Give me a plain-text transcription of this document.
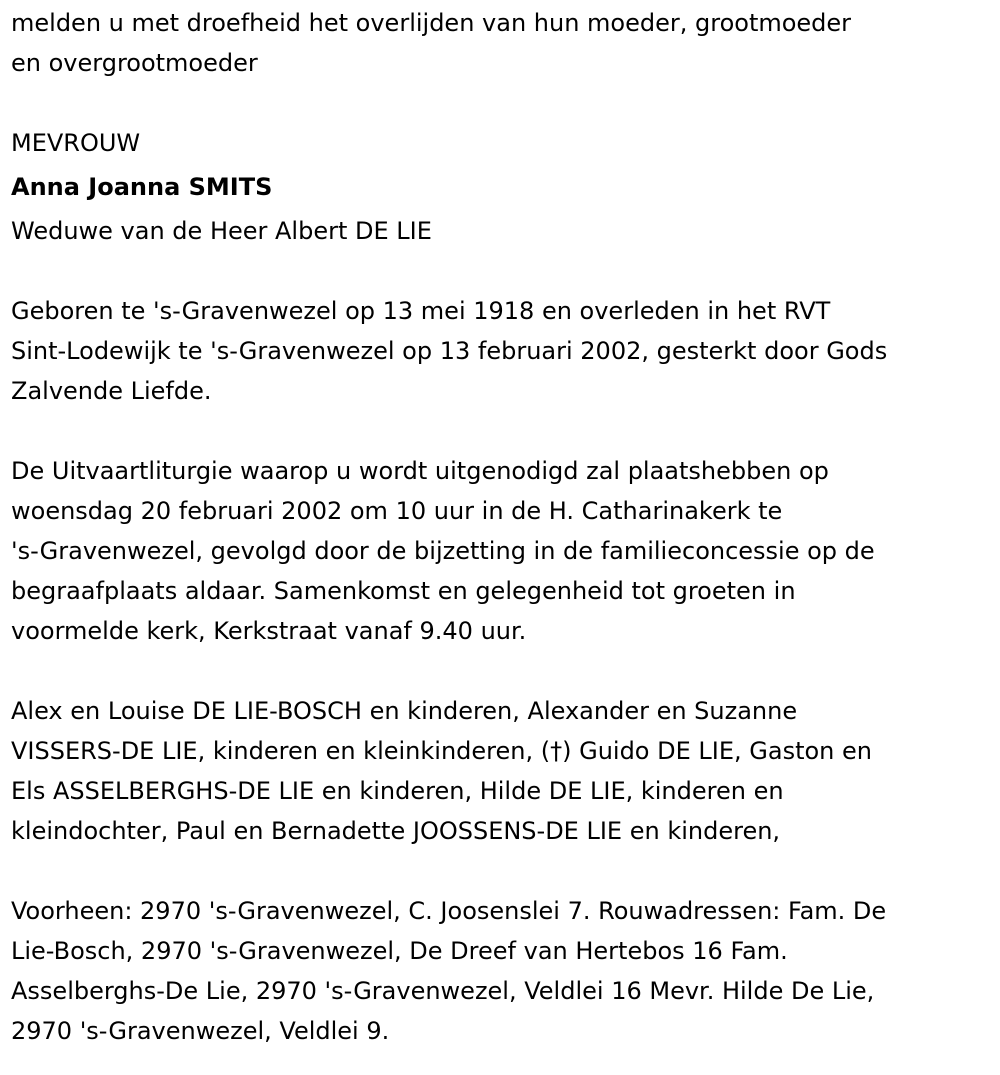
melden u met droefheid het overlijden van hun moeder, grootmoeder
en overgrootmoeder
MEVROUW
Anna Joanna SMITS
Weduwe van de Heer Albert DE LIE
Geboren te 's-Gravenwezel op 13 mei 1918 en overleden in het RVT
Sint-Lodewijk te 's-Gravenwezel op 13 februari 2002, gesterkt door Gods
Zalvende Liefde.
De Uitvaartliturgie waarop u wordt uitgenodigd zal plaatshebben op
woensdag 20 februari 2002 om 10 uur in de H. Catharinakerk te
's-Gravenwezel, gevolgd door de bijzetting in de familieconcessie op de
begraafplaats aldaar. Samenkomst en gelegenheid tot groeten in
voormelde kerk, Kerkstraat vanaf 9.40 uur.
Alex en Louise DE LIE-BOSCH en kinderen, Alexander en Suzanne
VISSERS-DE LIE, kinderen en kleinkinderen, (†) Guido DE LIE, Gaston en
Els ASSELBERGHS-DE LIE en kinderen, Hilde DE LIE, kinderen en
kleindochter, Paul en Bernadette JOOSSENS-DE LIE en kinderen,
Voorheen: 2970 's-Gravenwezel, C. Joosenslei 7. Rouwadressen: Fam. De
Lie-Bosch, 2970 's-Gravenwezel, De Dreef van Hertebos 16 Fam.
Asselberghs-De Lie, 2970 's-Gravenwezel, Veldlei 16 Mevr. Hilde De Lie,
2970 's-Gravenwezel, Veldlei 9.
